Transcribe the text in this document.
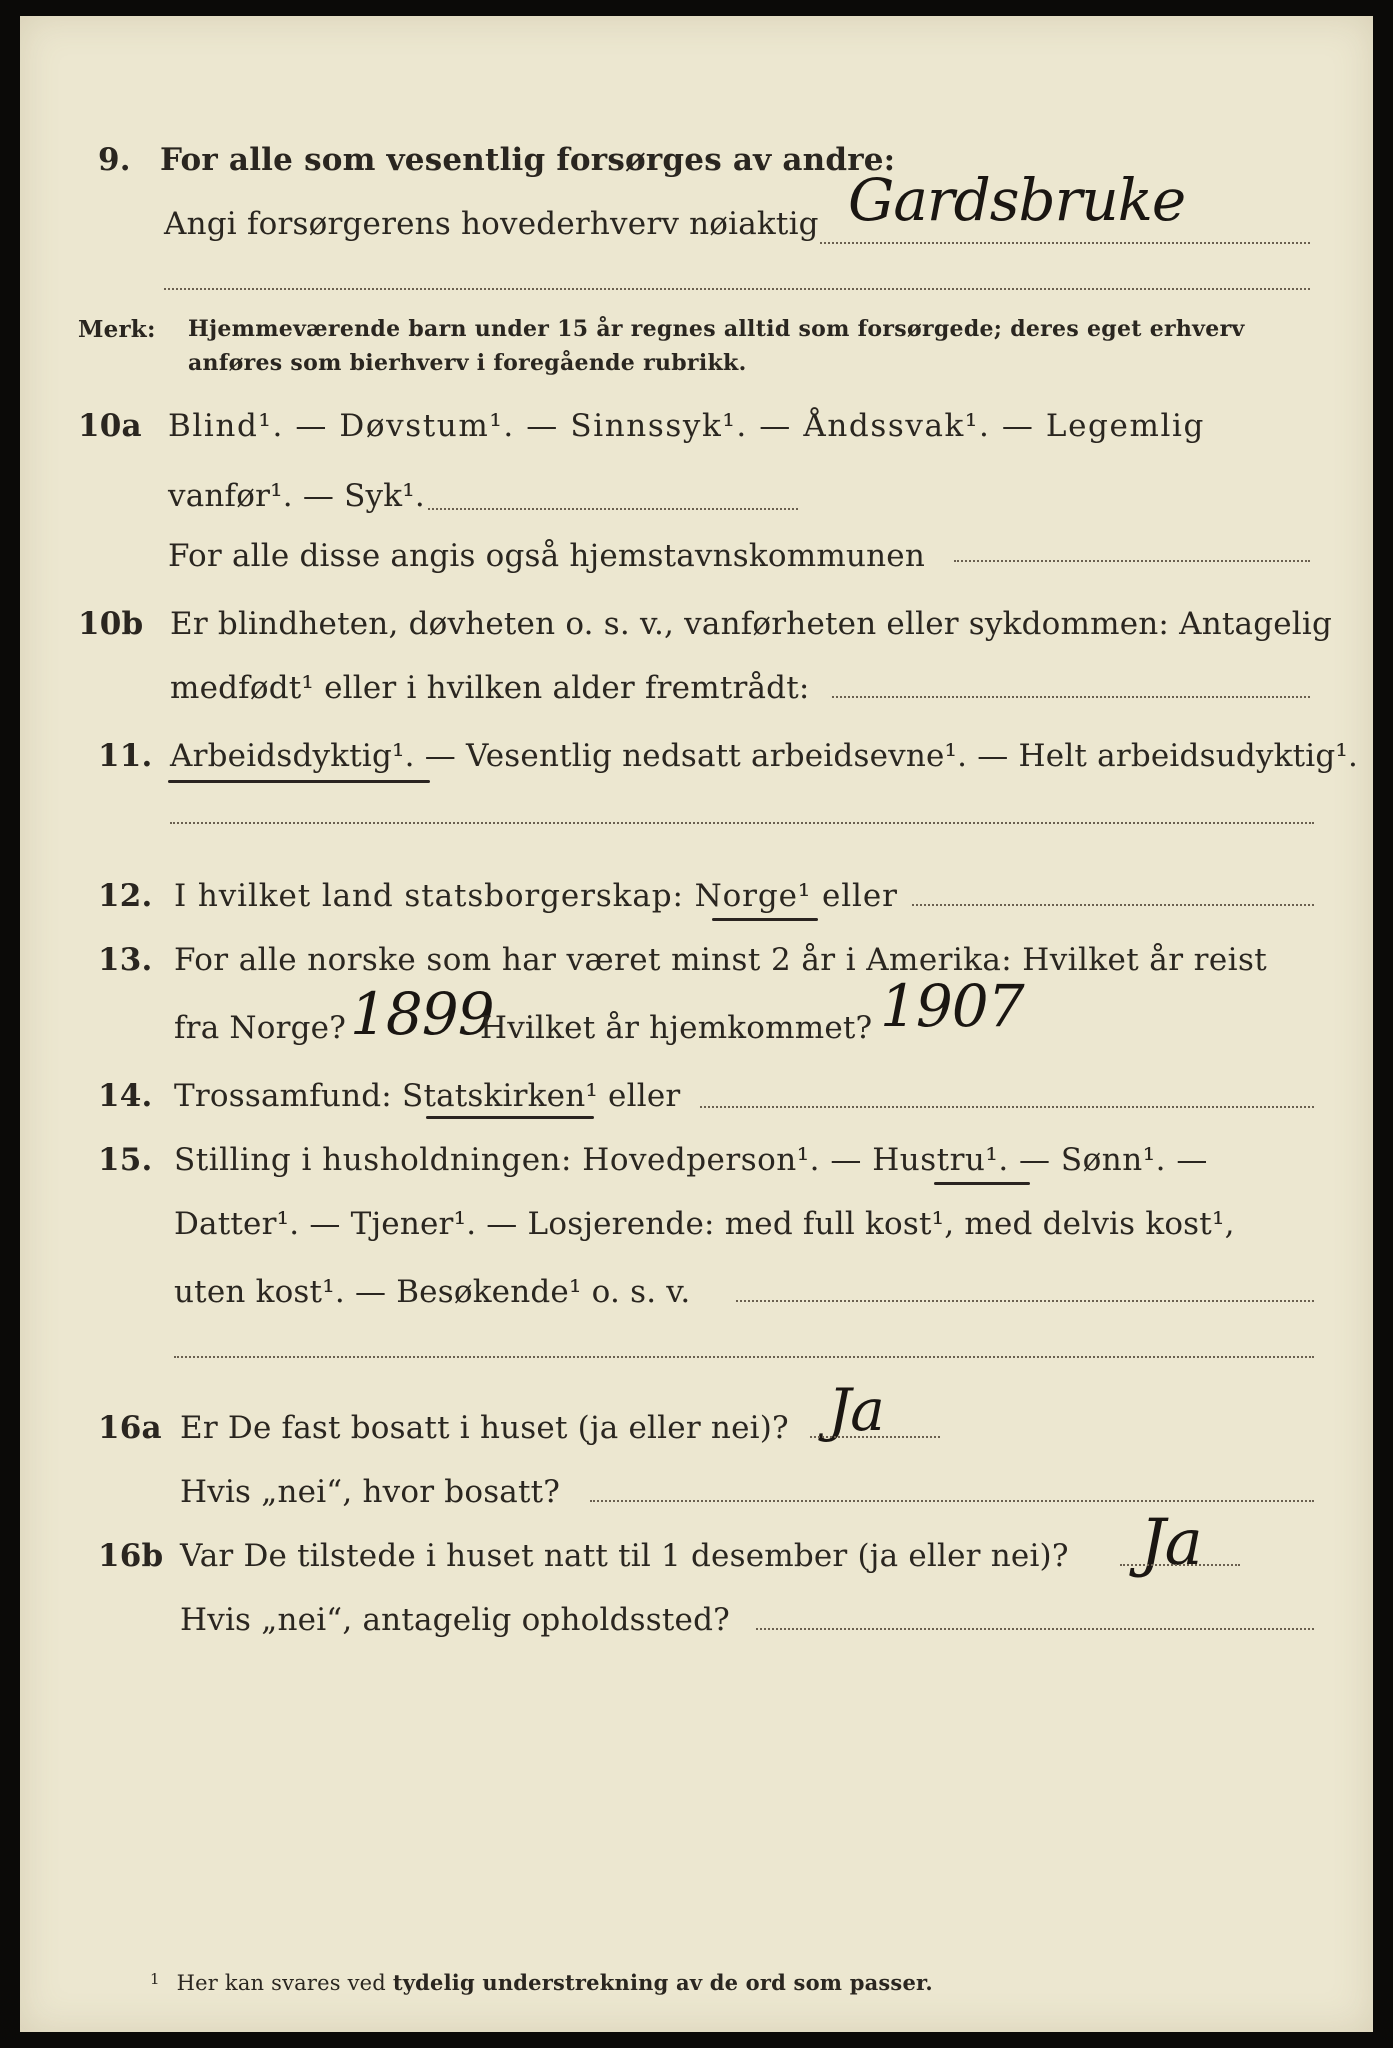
9. For alle som vesentlig forsørges av andre:
Angi forsørgerens hovederhverv nøiaktig Gardsbruke
Merk: Hjemmeværende barn under 15 år regnes alltid som forsørgede; deres eget erhverv
anføres som bierhverv i foregående rubrikk.
10a Blind¹. — Døvstum¹. — Sinnssyk¹. — Åndssvak¹. — Legemlig
vanfør¹. — Syk¹.
For alle disse angis også hjemstavnskommunen
10b Er blindheten, døvheten o. s. v., vanførheten eller sykdommen: Antagelig
medfødt¹ eller i hvilken alder fremtrådt:
11. Arbeidsdyktig¹. — Vesentlig nedsatt arbeidsevne¹. — Helt arbeidsudyktig¹.
12. I hvilket land statsborgerskap: Norge¹ eller
13. For alle norske som har været minst 2 år i Amerika: Hvilket år reist
fra Norge? 1899
Hvilket år hjemkommet? 1907
14. Trossamfund: Statskirken¹ eller
15. Stilling i husholdningen: Hovedperson¹. — Hustru¹. — Sønn¹. —
Datter¹. — Tjener¹. — Losjerende: med full kost¹, med delvis kost¹,
uten kost¹. — Besøkende¹ o. s. v.
16a Er De fast bosatt i huset (ja eller nei)? Ja
Hvis „nei“, hvor bosatt?
16b Var De tilstede i huset natt til 1 desember (ja eller nei)? Ja
Hvis „nei“, antagelig opholdssted?
$^1$ Her kan svares ved tydelig understrekning av de ord som passer.
